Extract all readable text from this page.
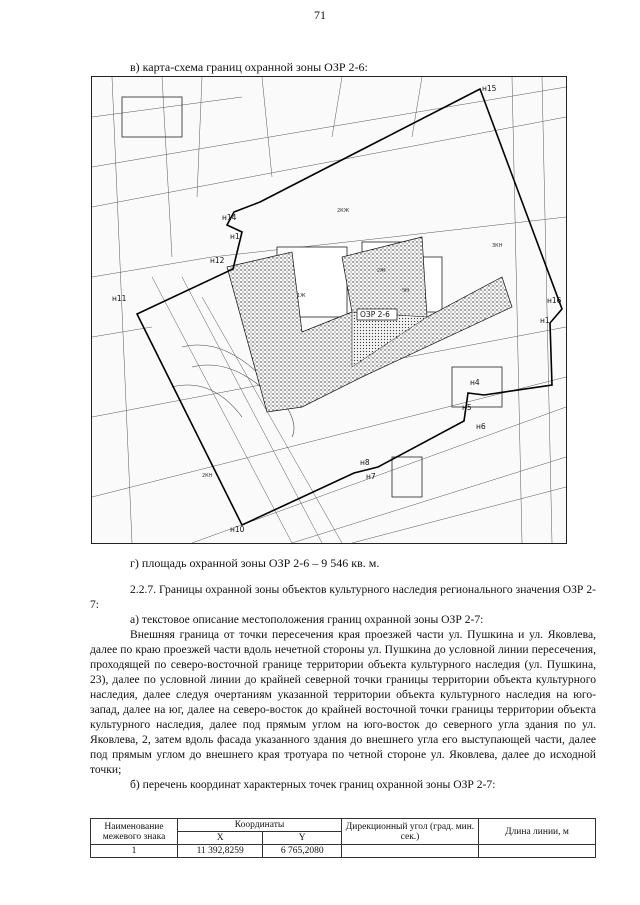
71
в) карта-схема границ охранной зоны ОЗР 2-6:
ОЗР 2-6
1Ж
2Ж
5Н
2КЖ
3КН
2КН
н15
н14
н1
н12
н11	н16
н1
н4
н5
н6
н8
н7
н10
г) площадь охранной зоны ОЗР 2-6 – 9 546 кв. м.

2.2.7. Границы охранной зоны объектов культурного наследия регионального значения ОЗР 2-7:

а) текстовое описание местоположения границ охранной зоны ОЗР 2-7:

Внешняя граница от точки пересечения края проезжей части ул. Пушкина и ул. Яковлева, далее по краю проезжей части вдоль нечетной стороны ул. Пушкина до условной линии пересечения, проходящей по северо-восточной границе территории объекта культурного наследия (ул. Пушкина, 23), далее по условной линии до крайней северной точки границы территории объекта культурного наследия, далее следуя очертаниям указанной территории объекта культурного наследия на юго-запад, далее на юг, далее на северо-восток до крайней восточной точки границы территории объекта культурного наследия, далее под прямым углом на юго-восток до северного угла здания по ул. Яковлева, 2, затем вдоль фасада указанного здания до внешнего угла его выступающей части, далее под прямым углом до внешнего края тротуара по четной стороне ул. Яковлева, далее до исходной точки;

б) перечень координат характерных точек границ охранной зоны ОЗР 2-7:

Наименование межевого знака	Координаты		Дирекционный угол (град. мин. сек.)	Длина линии, м
	X	Y		
1	11 392,8259	6 765,2080		
